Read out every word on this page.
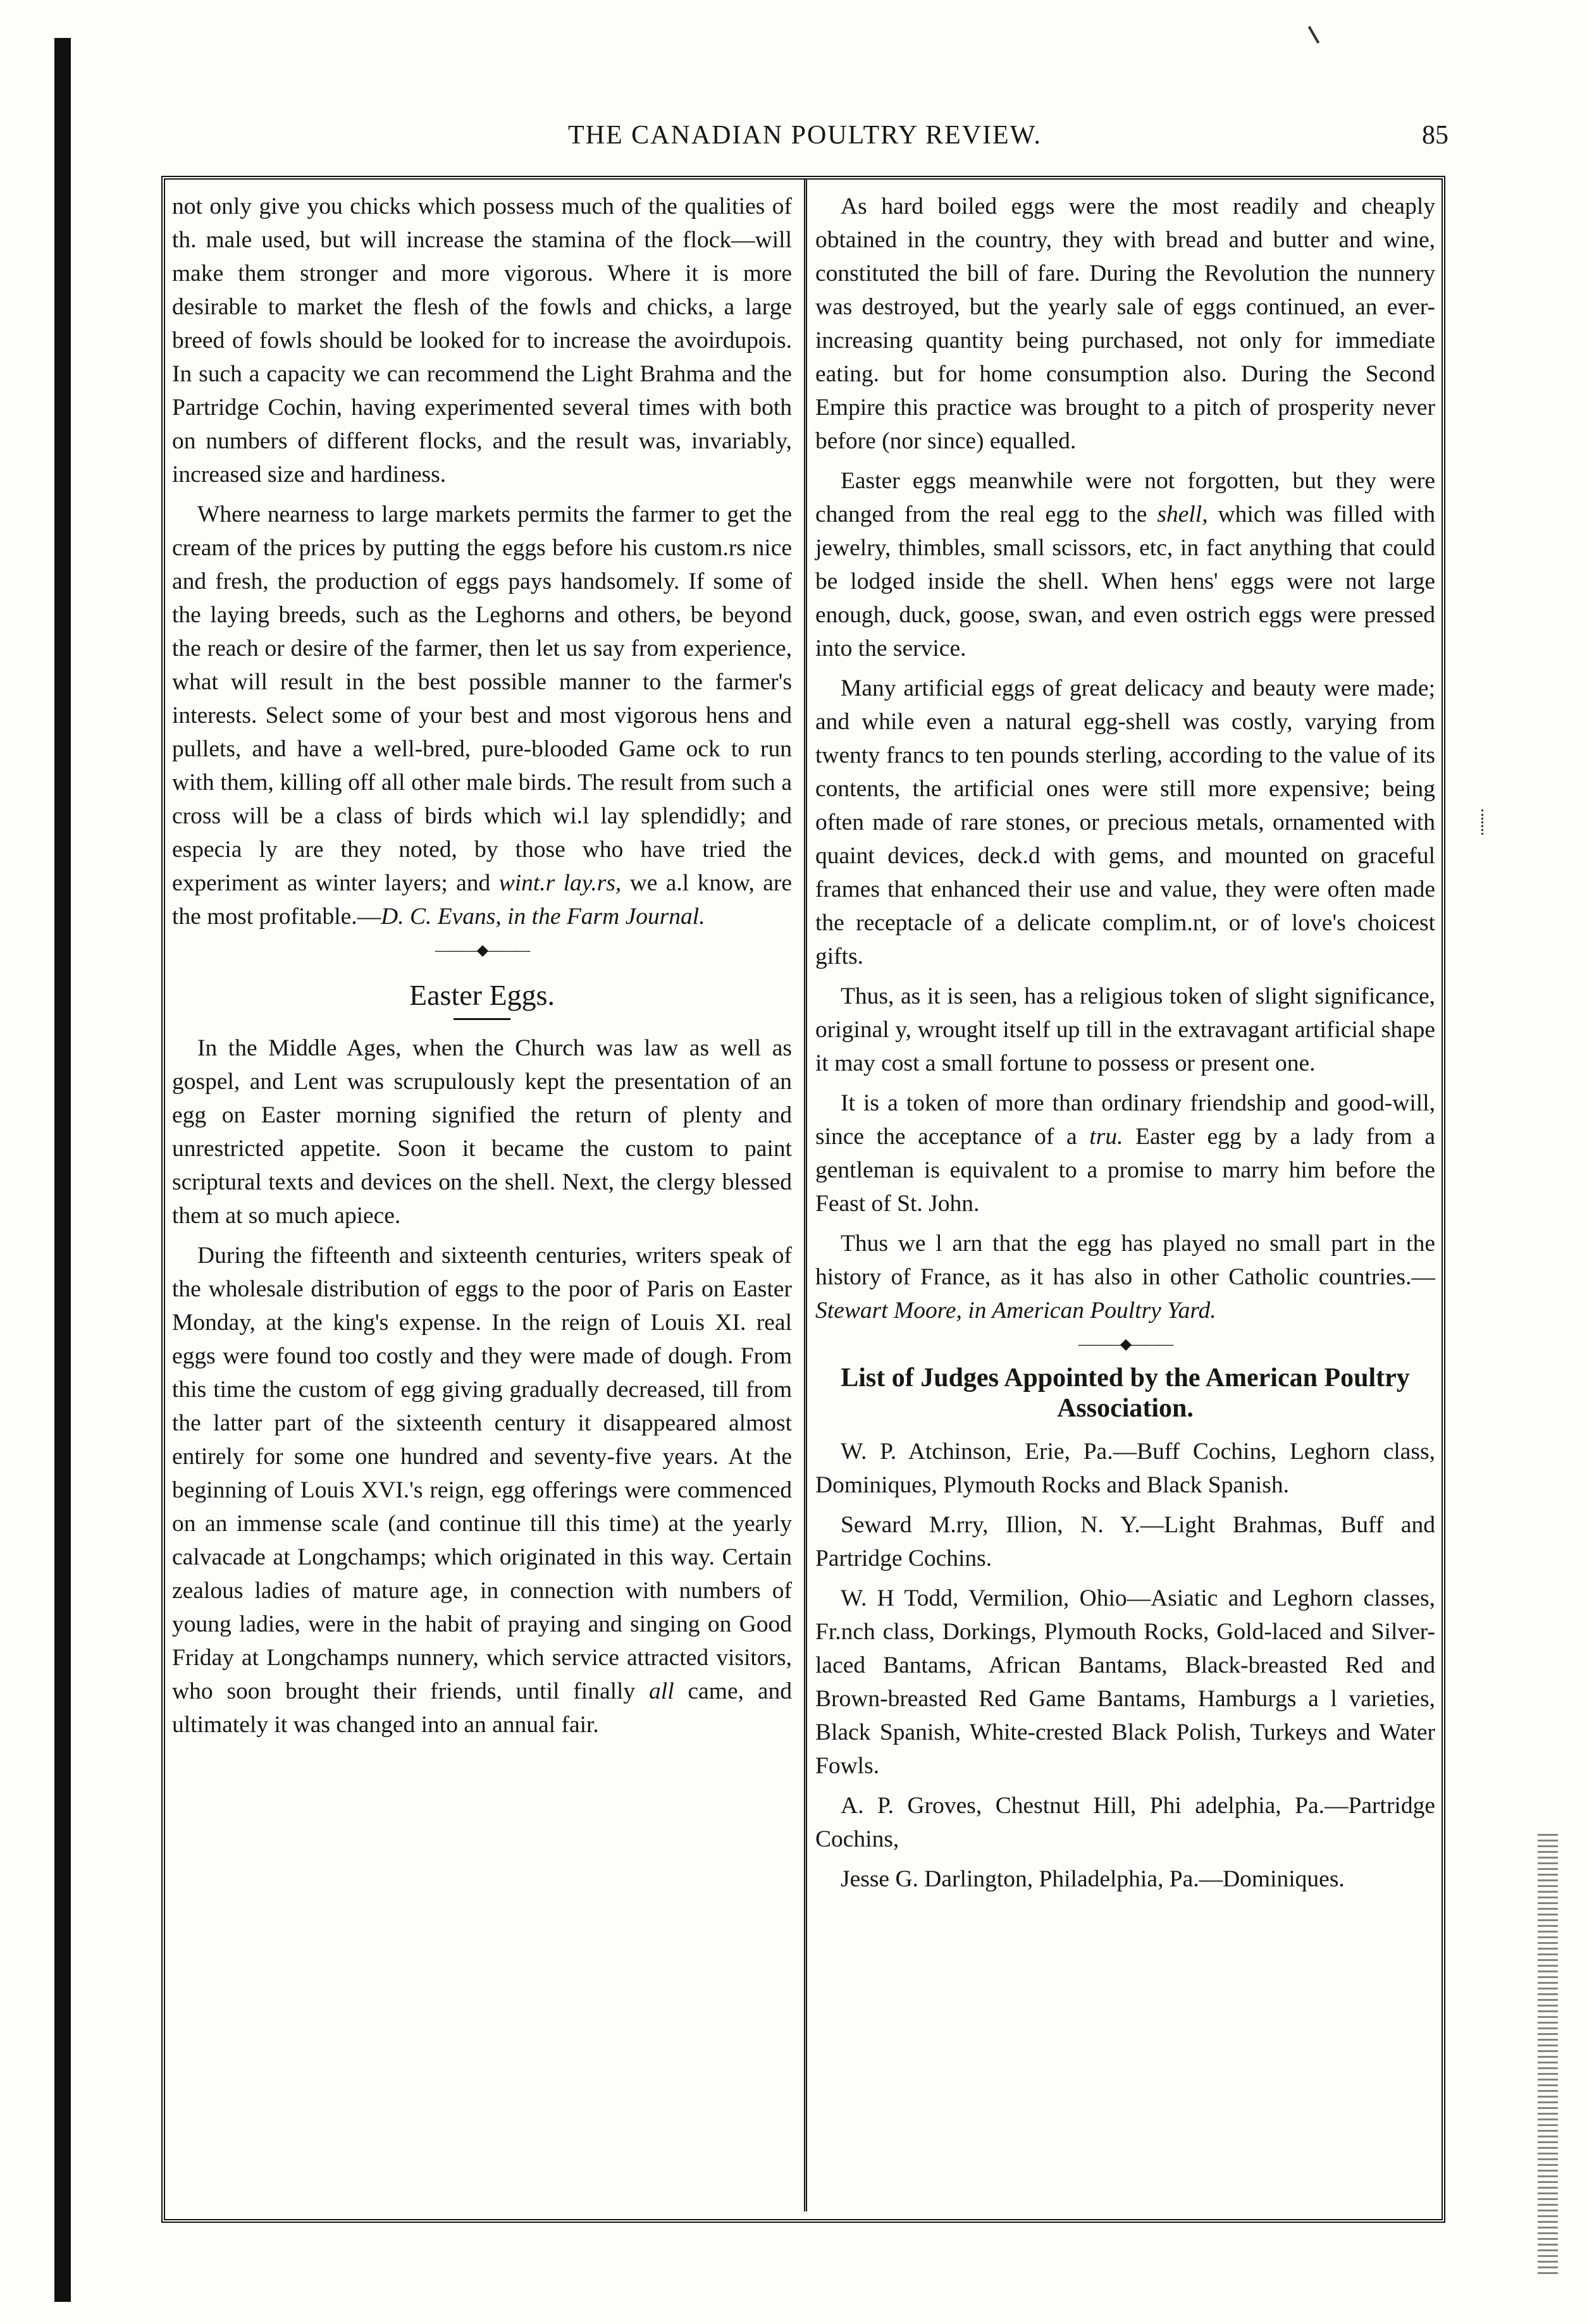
THE CANADIAN POULTRY REVIEW.	85

not only give you chicks which possess much of the qualities of th. male used, but will increase the stamina of the flock—will make them stronger and more vigorous. Where it is more desirable to market the flesh of the fowls and chicks, a large breed of fowls should be looked for to increase the avoirdupois. In such a capacity we can recommend the Light Brahma and the Partridge Cochin, having experimented several times with both on numbers of different flocks, and the result was, invariably, increased size and hardiness.

Where nearness to large markets permits the farmer to get the cream of the prices by putting the eggs before his custom.rs nice and fresh, the production of eggs pays handsomely. If some of the laying breeds, such as the Leghorns and others, be beyond the reach or desire of the farmer, then let us say from experience, what will result in the best possible manner to the farmer's interests. Select some of your best and most vigorous hens and pullets, and have a well-bred, pure-blooded Game ock to run with them, killing off all other male birds. The result from such a cross will be a class of birds which wi.l lay splendidly; and especia ly are they noted, by those who have tried the experiment as winter layers; and wint.r lay.rs, we a.l know, are the most profitable.—D. C. Evans, in the Farm Journal.

———◆———
Easter Eggs.

In the Middle Ages, when the Church was law as well as gospel, and Lent was scrupulously kept the presentation of an egg on Easter morning signified the return of plenty and unrestricted appetite. Soon it became the custom to paint scriptural texts and devices on the shell. Next, the clergy blessed them at so much apiece.

During the fifteenth and sixteenth centuries, writers speak of the wholesale distribution of eggs to the poor of Paris on Easter Monday, at the king's expense. In the reign of Louis XI. real eggs were found too costly and they were made of dough. From this time the custom of egg giving gradually decreased, till from the latter part of the sixteenth century it disappeared almost entirely for some one hundred and seventy-five years. At the beginning of Louis XVI.'s reign, egg offerings were commenced on an immense scale (and continue till this time) at the yearly calvacade at Longchamps; which originated in this way. Certain zealous ladies of mature age, in connection with numbers of young ladies, were in the habit of praying and singing on Good Friday at Longchamps nunnery, which service attracted visitors, who soon brought their friends, until finally all came, and ultimately it was changed into an annual fair.

As hard boiled eggs were the most readily and cheaply obtained in the country, they with bread and butter and wine, constituted the bill of fare. During the Revolution the nunnery was destroyed, but the yearly sale of eggs continued, an ever-increasing quantity being purchased, not only for immediate eating. but for home consumption also. During the Second Empire this practice was brought to a pitch of prosperity never before (nor since) equalled.

Easter eggs meanwhile were not forgotten, but they were changed from the real egg to the shell, which was filled with jewelry, thimbles, small scissors, etc, in fact anything that could be lodged inside the shell. When hens' eggs were not large enough, duck, goose, swan, and even ostrich eggs were pressed into the service.

Many artificial eggs of great delicacy and beauty were made; and while even a natural egg-shell was costly, varying from twenty francs to ten pounds sterling, according to the value of its contents, the artificial ones were still more expensive; being often made of rare stones, or precious metals, ornamented with quaint devices, deck.d with gems, and mounted on graceful frames that enhanced their use and value, they were often made the receptacle of a delicate complim.nt, or of love's choicest gifts.

Thus, as it is seen, has a religious token of slight significance, original y, wrought itself up till in the extravagant artificial shape it may cost a small fortune to possess or present one.

It is a token of more than ordinary friendship and good-will, since the acceptance of a tru. Easter egg by a lady from a gentleman is equivalent to a promise to marry him before the Feast of St. John.

Thus we l arn that the egg has played no small part in the history of France, as it has also in other Catholic countries.—Stewart Moore, in American Poultry Yard.

———◆———
List of Judges Appointed by the American Poultry Association.

W. P. Atchinson, Erie, Pa.—Buff Cochins, Leghorn class, Dominiques, Plymouth Rocks and Black Spanish.

Seward M.rry, Illion, N. Y.—Light Brahmas, Buff and Partridge Cochins.

W. H Todd, Vermilion, Ohio—Asiatic and Leghorn classes, Fr.nch class, Dorkings, Plymouth Rocks, Gold-laced and Silver-laced Bantams, African Bantams, Black-breasted Red and Brown-breasted Red Game Bantams, Hamburgs a l varieties, Black Spanish, White-crested Black Polish, Turkeys and Water Fowls.

A. P. Groves, Chestnut Hill, Phi adelphia, Pa.—Partridge Cochins,

Jesse G. Darlington, Philadelphia, Pa.—Dominiques.
